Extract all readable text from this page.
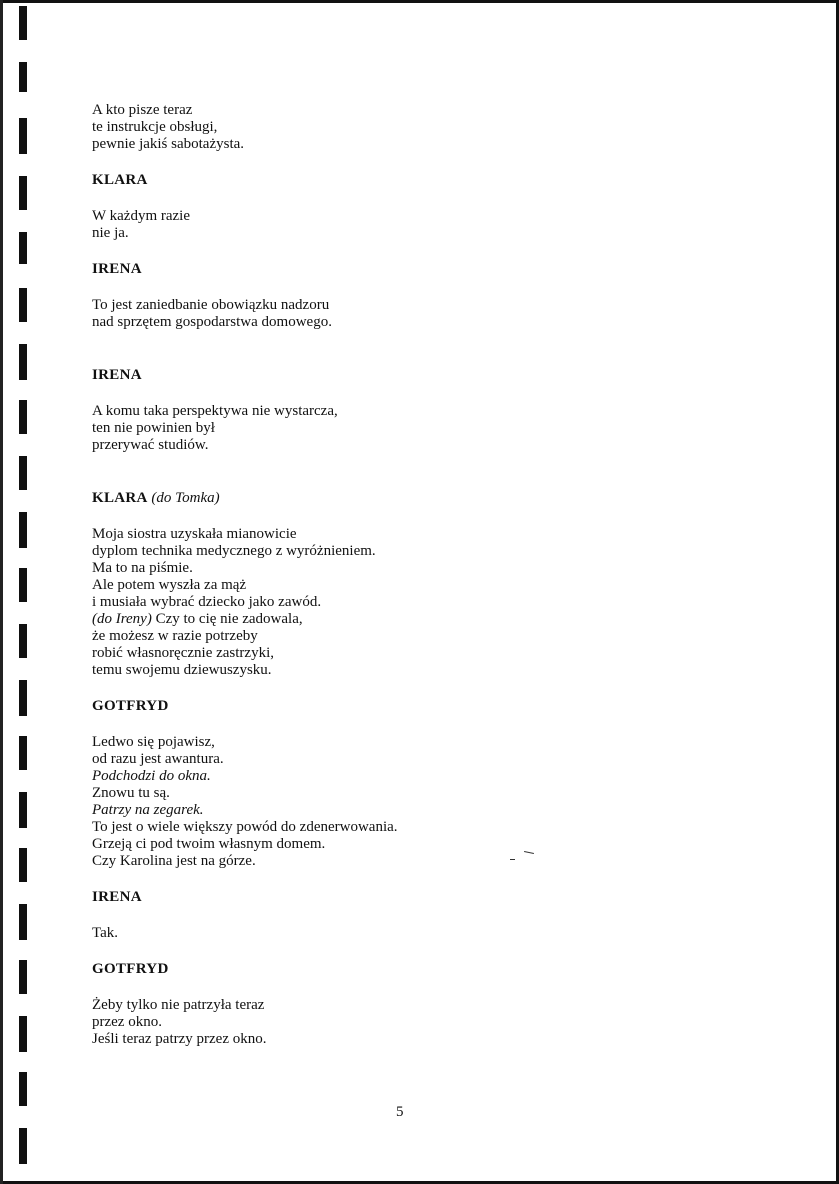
A kto pisze teraz
te instrukcje obsługi,
pewnie jakiś sabotażysta.
KLARA
W każdym razie
nie ja.
IRENA
To jest zaniedbanie obowiązku nadzoru
nad sprzętem gospodarstwa domowego.
IRENA
A komu taka perspektywa nie wystarcza,
ten nie powinien był
przerywać studiów.
KLARA (do Tomka)
Moja siostra uzyskała mianowicie
dyplom technika medycznego z wyróżnieniem.
Ma to na piśmie.
Ale potem wyszła za mąż
i musiała wybrać dziecko jako zawód.
(do Ireny) Czy to cię nie zadowala,
że możesz w razie potrzeby
robić własnoręcznie zastrzyki,
temu swojemu dziewuszysku.
GOTFRYD
Ledwo się pojawisz,
od razu jest awantura.
Podchodzi do okna.
Znowu tu są.
Patrzy na zegarek.
To jest o wiele większy powód do zdenerwowania.
Grzeją ci pod twoim własnym domem.
Czy Karolina jest na górze.
IRENA
Tak.
GOTFRYD
Żeby tylko nie patrzyła teraz
przez okno.
Jeśli teraz patrzy przez okno.
5
